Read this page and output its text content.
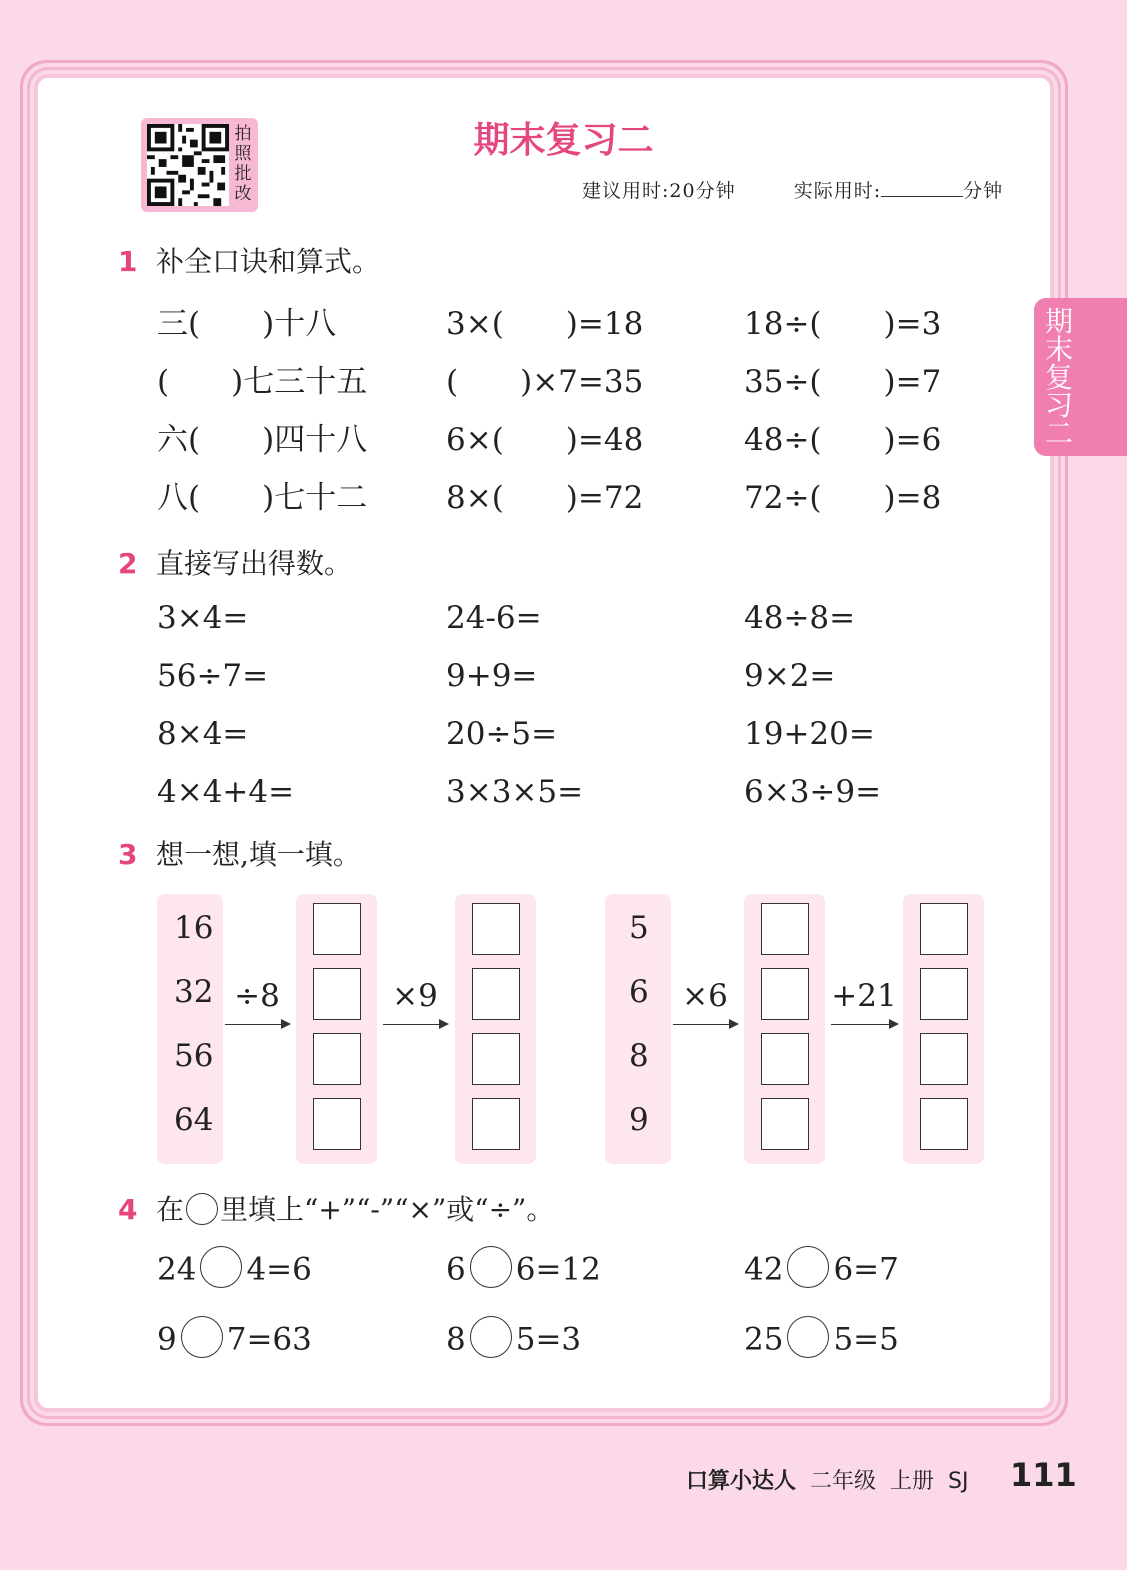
拍照批改
期末复习二
建议用时:20分钟	实际用时:	分钟
期末复习二
1 补全口诀和算式。
三(　　)十八	3×(　　)=18	18÷(　　)=3
(　　)七三十五	(　　)×7=35	35÷(　　)=7
六(　　)四十八	6×(　　)=48	48÷(　　)=6
八(　　)七十二	8×(　　)=72	72÷(　　)=8
2 直接写出得数。
3×4=	24-6=	48÷8=
56÷7=	9+9=	9×2=
8×4=	20÷5=	19+20=
4×4+4=	3×3×5=	6×3÷9=
3 想一想,填一填。
÷8	×9	×6	+21
16
32
56
64
5
6
8
9
4 在 里填上“+”“-”“×”或“÷”。
24 4=6	6 6=12	42 6=7
9 7=63	8 5=3	25 5=5
口算小达人 二年级  上册  SJ 111
